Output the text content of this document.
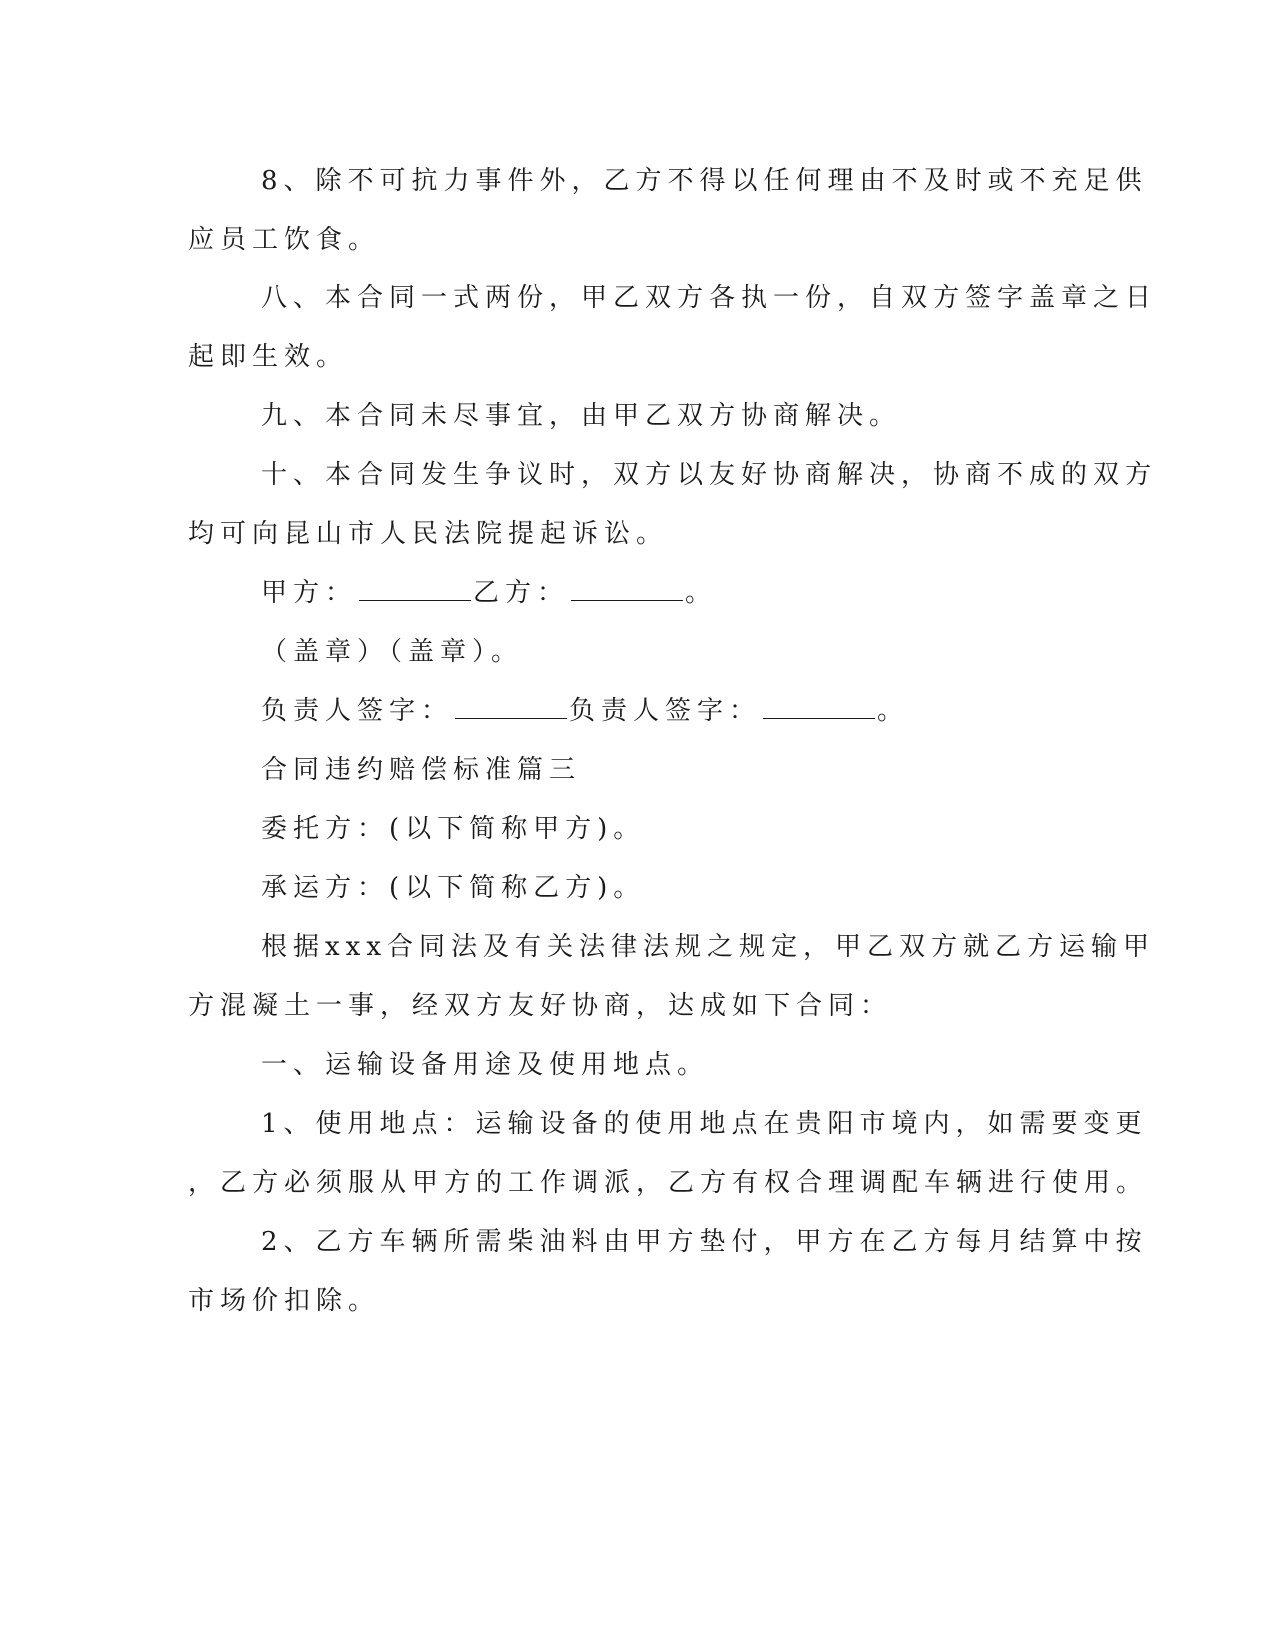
8、除不可抗力事件外，乙方不得以任何理由不及时或不充足供
应员工饮食。
八、本合同一式两份，甲乙双方各执一份，自双方签字盖章之日
起即生效。
九、本合同未尽事宜，由甲乙双方协商解决。
十、本合同发生争议时，双方以友好协商解决，协商不成的双方
均可向昆山市人民法院提起诉讼。
甲方：	乙方：	。
（盖章）（盖章）。
负责人签字：	负责人签字：	。
合同违约赔偿标准篇三
委托方：(以下简称甲方)。
承运方：(以下简称乙方)。
根据xxx合同法及有关法律法规之规定，甲乙双方就乙方运输甲
方混凝土一事，经双方友好协商，达成如下合同：
一、运输设备用途及使用地点。
1、使用地点：运输设备的使用地点在贵阳市境内，如需要变更
，乙方必须服从甲方的工作调派，乙方有权合理调配车辆进行使用。
2、乙方车辆所需柴油料由甲方垫付，甲方在乙方每月结算中按
市场价扣除。
